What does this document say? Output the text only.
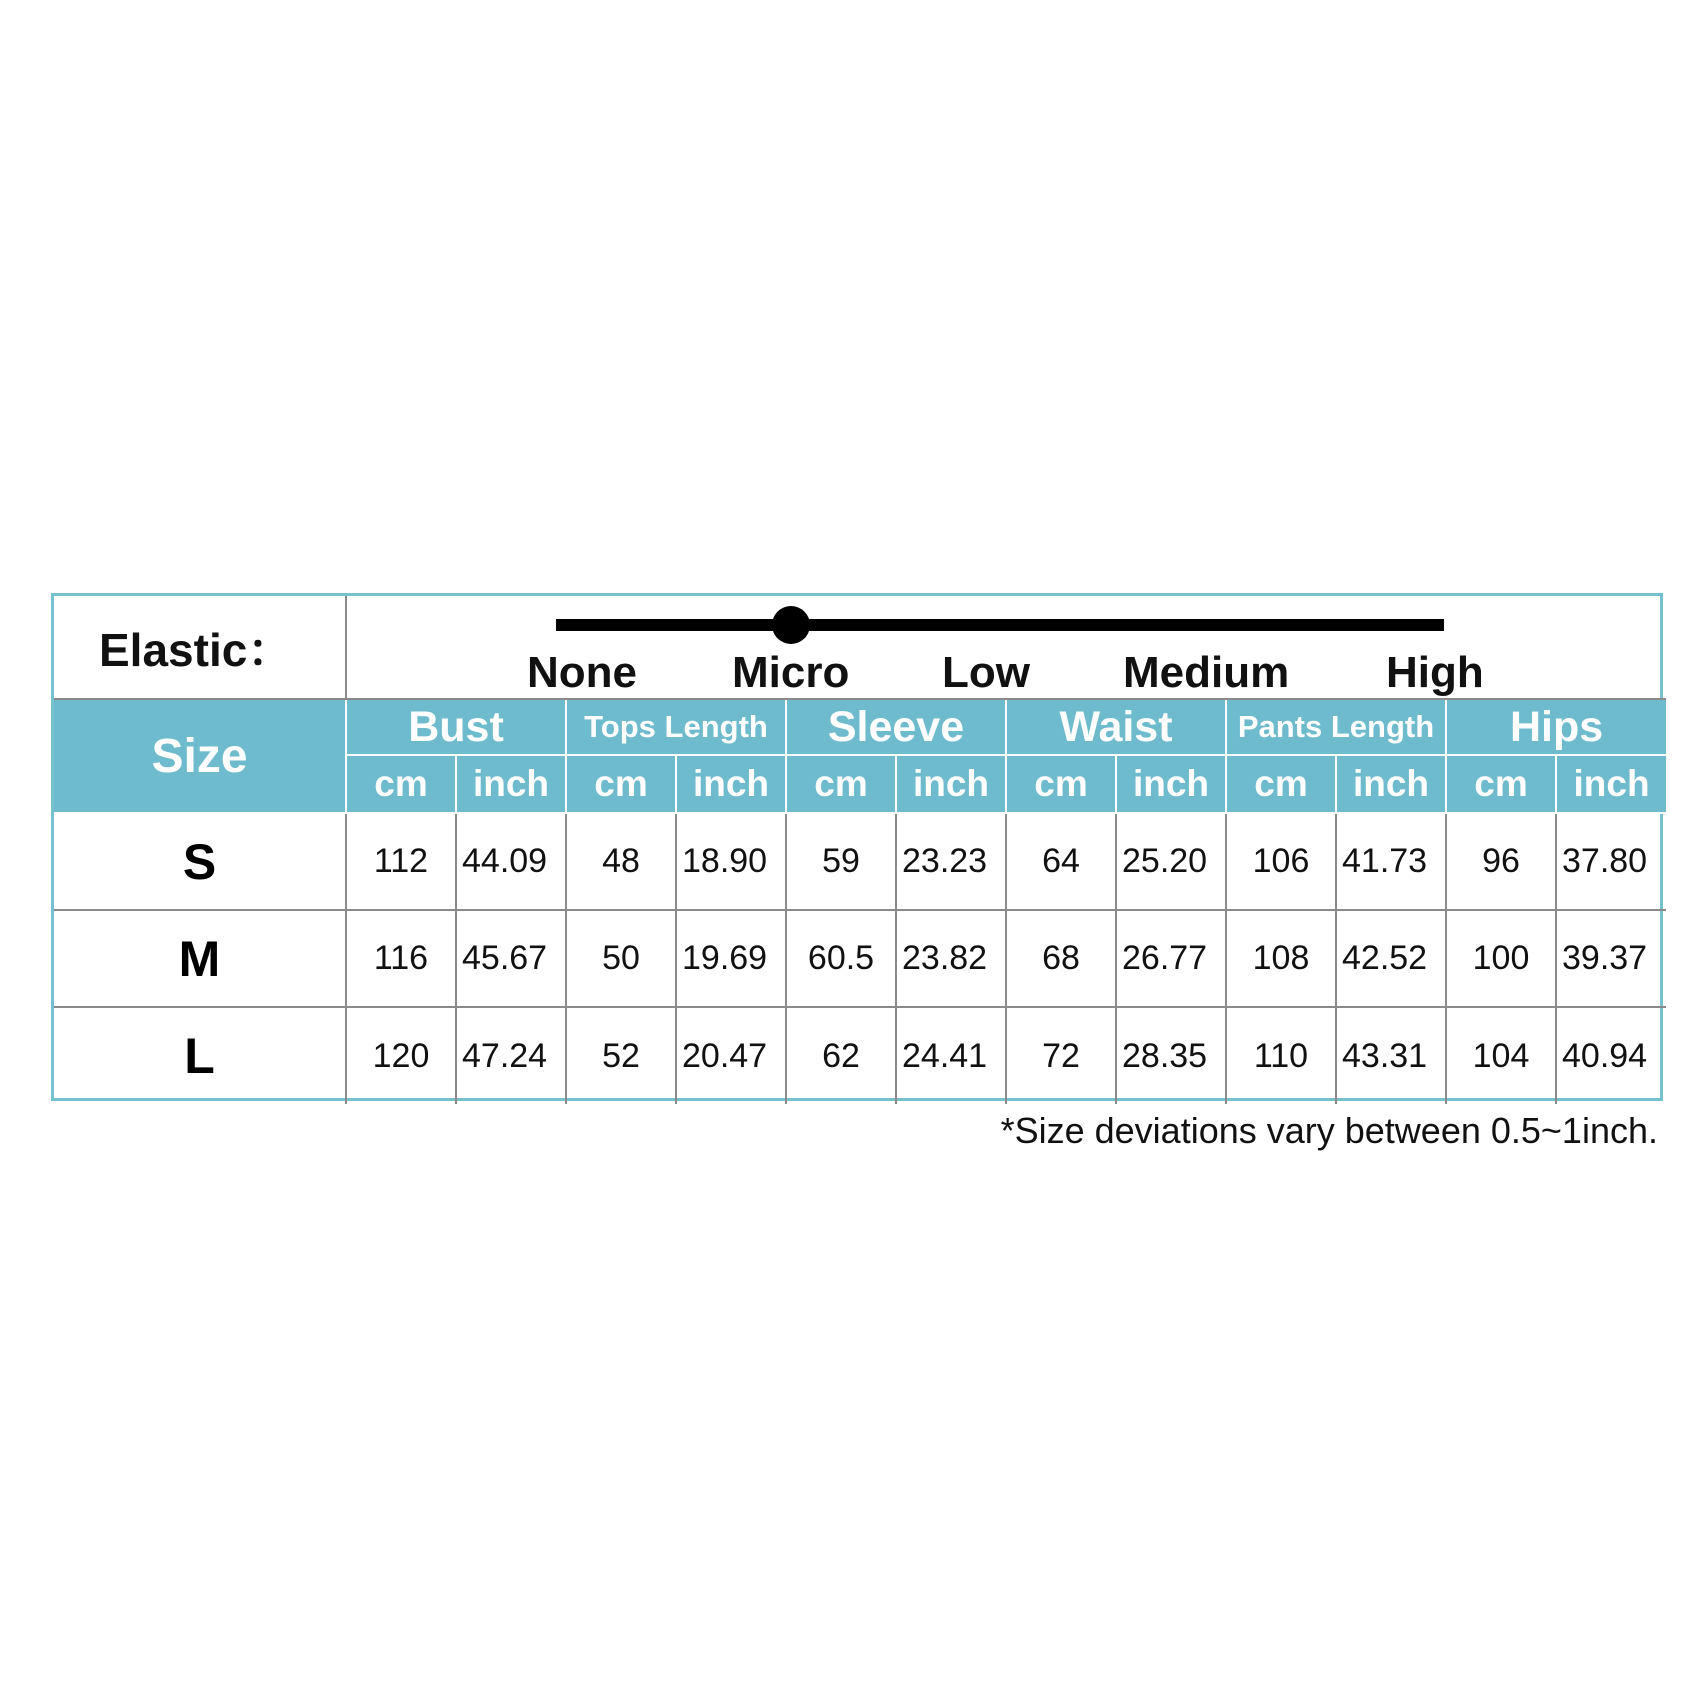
Elastic：	None Micro Low Medium High											

Size	Bust		Tops Length		Sleeve		Waist		Pants Length		Hips	
	cm	inch	cm	inch	cm	inch	cm	inch	cm	inch	cm	inch
S	112	44.09	48	18.90	59	23.23	64	25.20	106	41.73	96	37.80
M	116	45.67	50	19.69	60.5	23.82	68	26.77	108	42.52	100	39.37
L	120	47.24	52	20.47	62	24.41	72	28.35	110	43.31	104	40.94
*Size deviations vary between 0.5~1inch.
